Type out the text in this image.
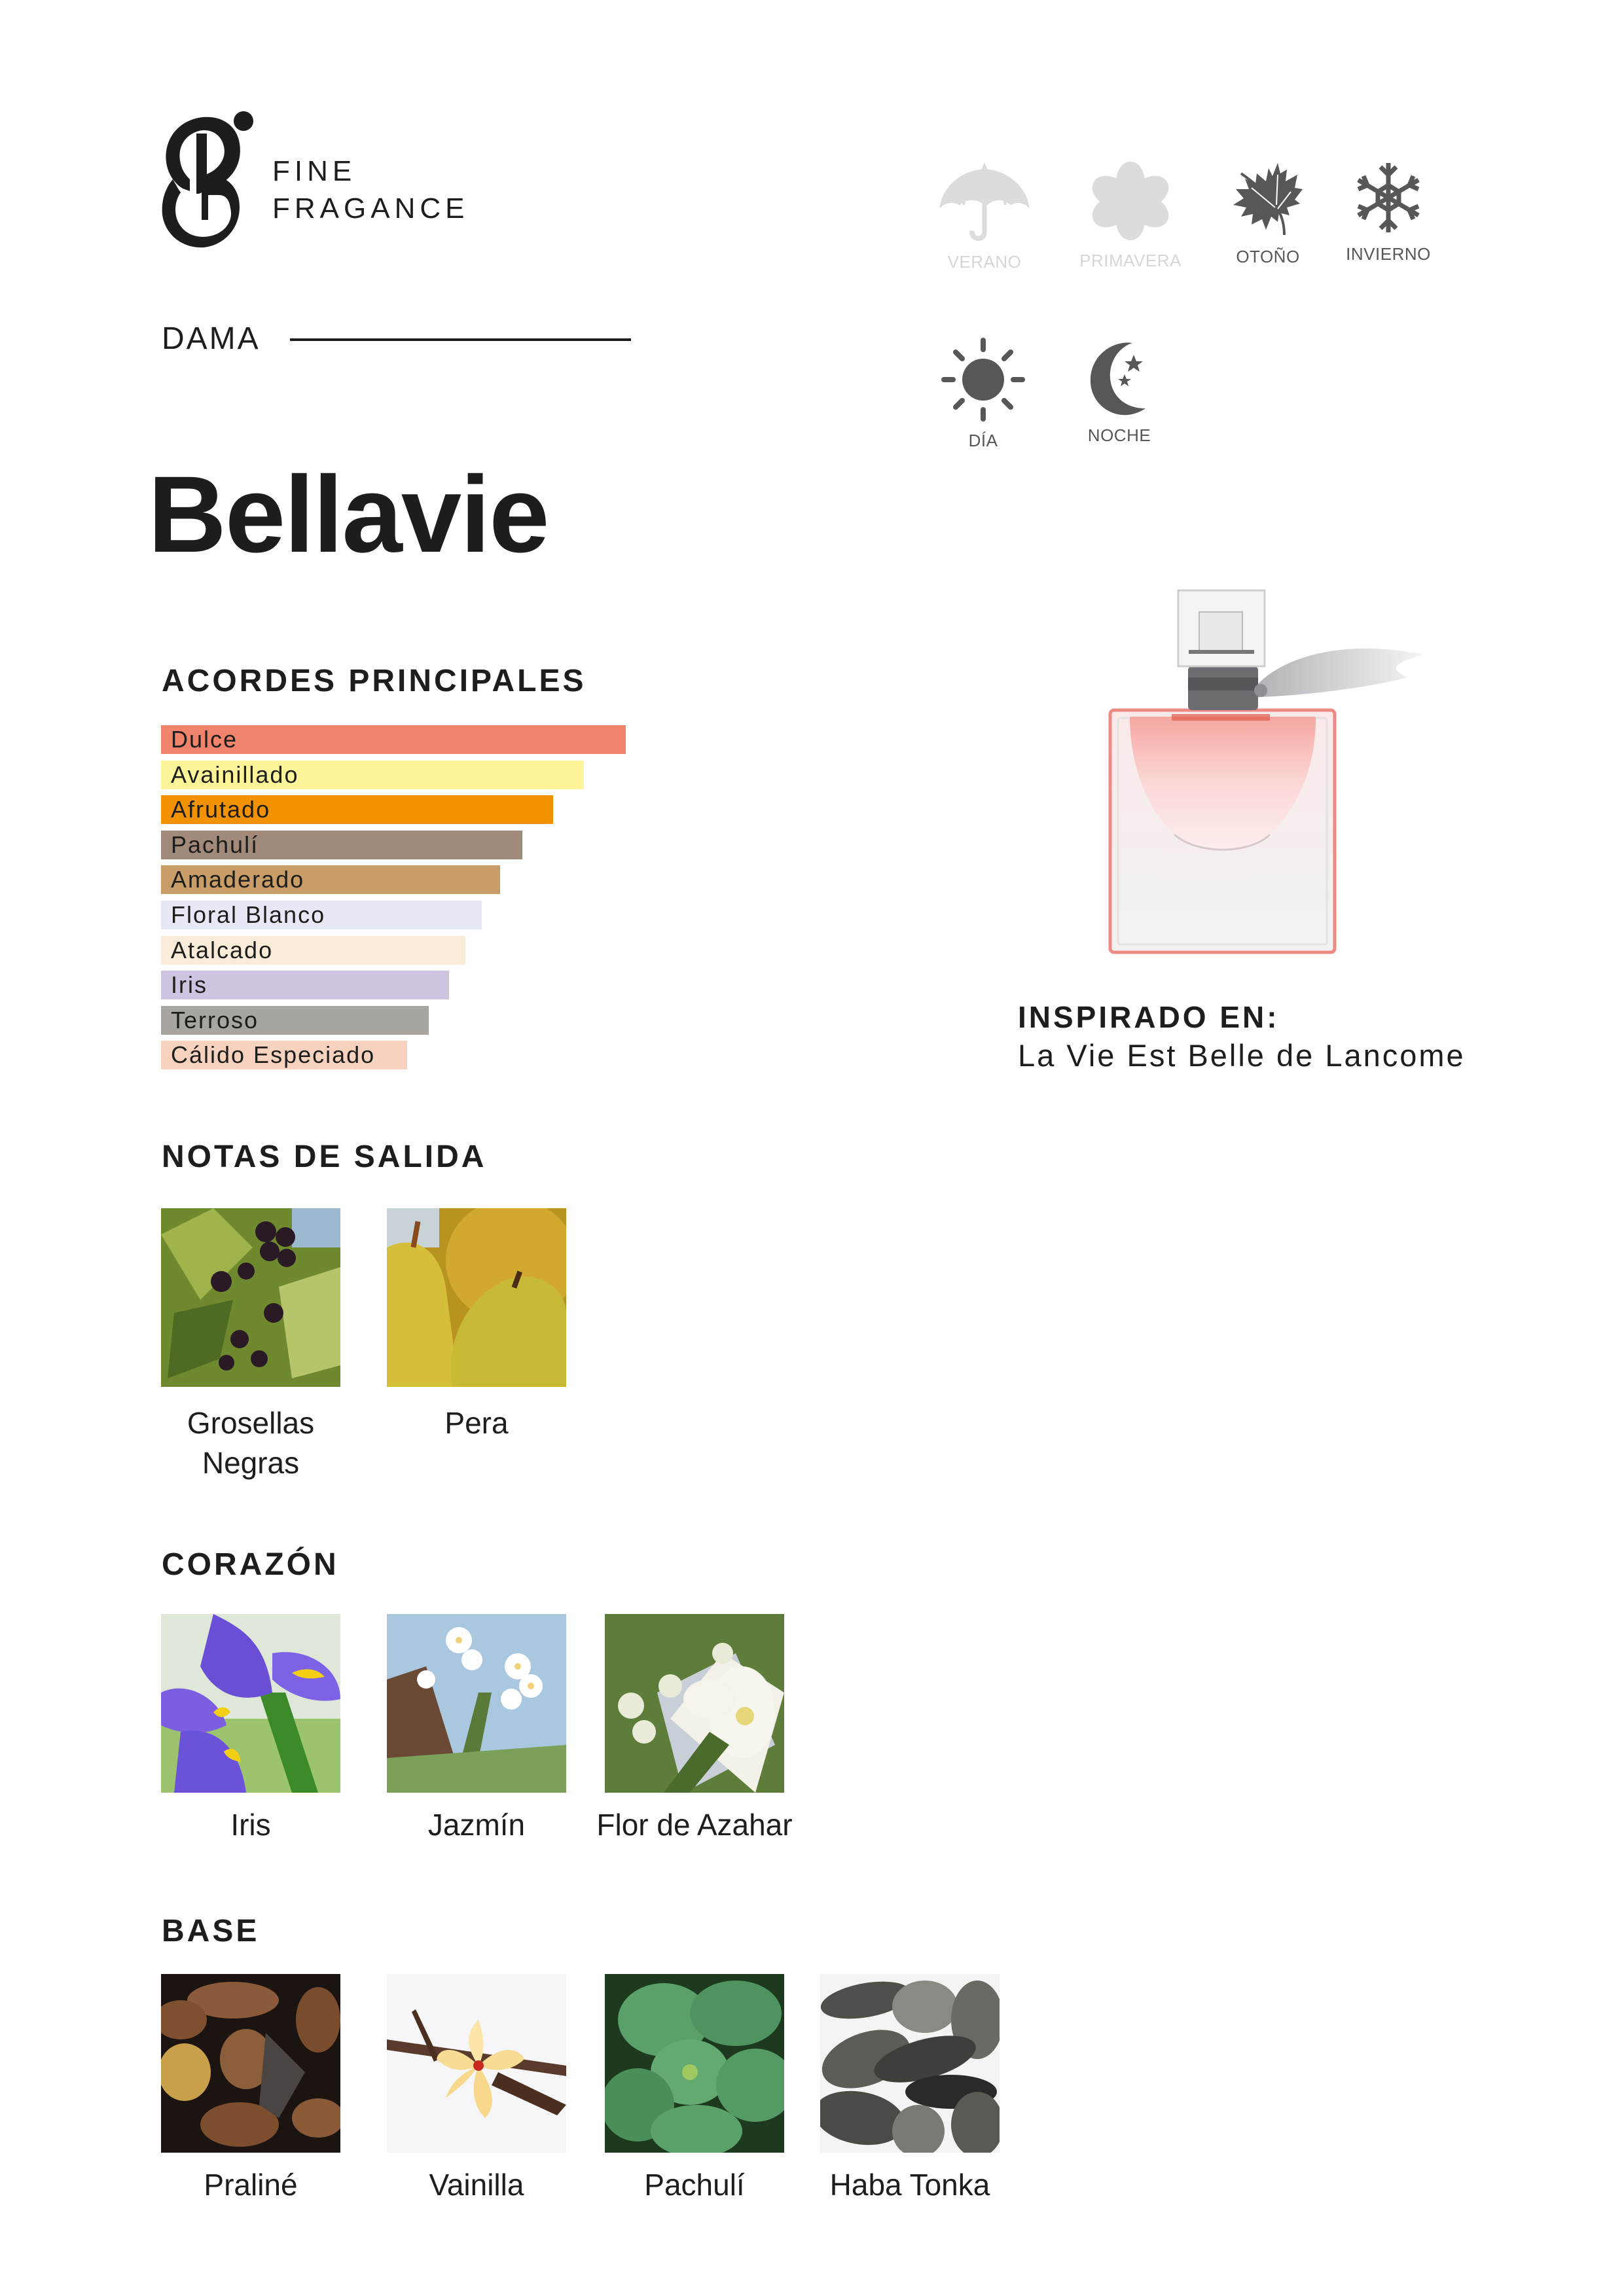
FINE
FRAGANCE
DAMA
Bellavie
VERANO	PRIMAVERA	OTOÑO	INVIERNO
DÍA	NOCHE
ACORDES PRINCIPALES
Dulce
Avainillado
Afrutado
Pachulí
Amaderado
Floral Blanco
Atalcado
Iris
Terroso
Cálido Especiado
INSPIRADO EN:
La Vie Est Belle de Lancome
NOTAS DE SALIDA
Grosellas
Negras
Pera
CORAZÓN
Iris	Jazmín	Flor de Azahar
BASE
Praliné	Vainilla	Pachulí	Haba Tonka
